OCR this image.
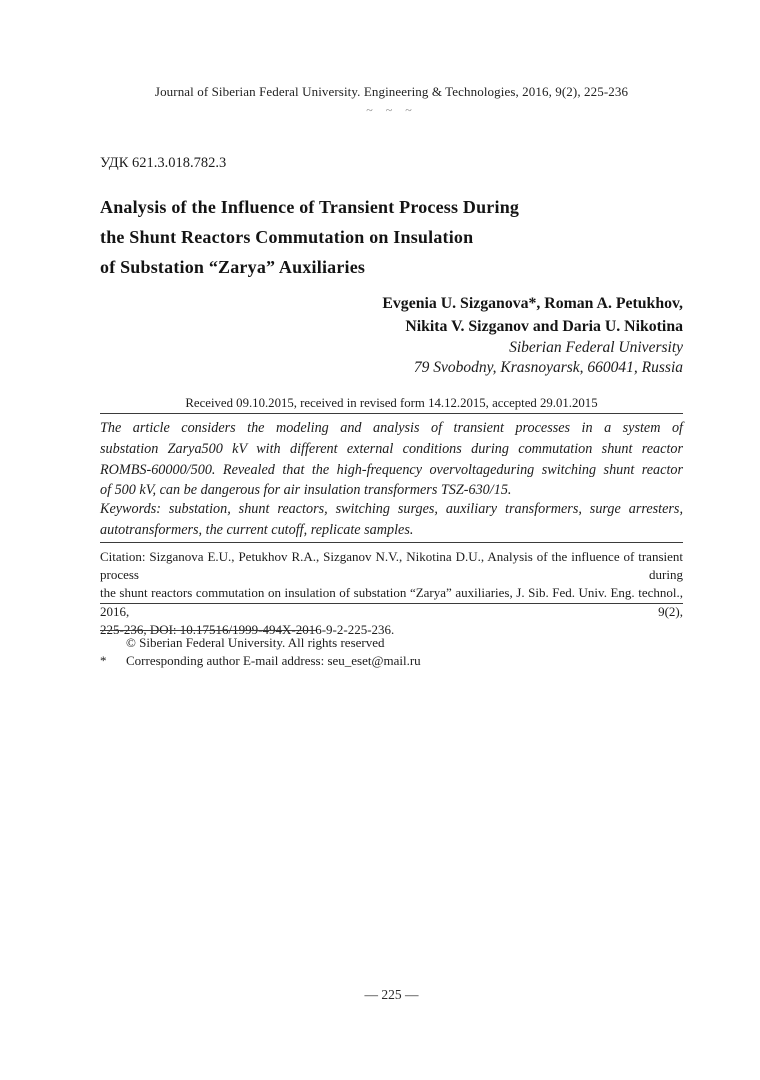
Journal of Siberian Federal University. Engineering & Technologies, 2016, 9(2), 225-236
~ ~ ~
УДК 621.3.018.782.3
Analysis of the Influence of Transient Process During
the Shunt Reactors Commutation on Insulation
of Substation “Zarya” Auxiliaries
Evgenia U. Sizganova*, Roman A. Petukhov,
Nikita V. Sizganov and Daria U. Nikotina
Siberian Federal University
79 Svobodny, Krasnoyarsk, 660041, Russia
Received 09.10.2015, received in revised form 14.12.2015, accepted 29.01.2015
The article considers the modeling and analysis of transient processes in a system of
substation Zarya500 kV with different external conditions during commutation shunt reactor
ROMBS-60000/500. Revealed that the high-frequency overvoltageduring switching shunt reactor
of 500 kV, can be dangerous for air insulation transformers TSZ-630/15.
Keywords: substation, shunt reactors, switching surges, auxiliary transformers, surge arresters,
autotransformers, the current cutoff, replicate samples.
Citation: Sizganova E.U., Petukhov R.A., Sizganov N.V., Nikotina D.U., Analysis of the influence of transient process during
the shunt reactors commutation on insulation of substation “Zarya” auxiliaries, J. Sib. Fed. Univ. Eng. technol., 2016, 9(2),
225-236, DOI: 10.17516/1999-494X-2016-9-2-225-236.
© Siberian Federal University. All rights reserved
* Corresponding author E-mail address: seu_eset@mail.ru
— 225 —
